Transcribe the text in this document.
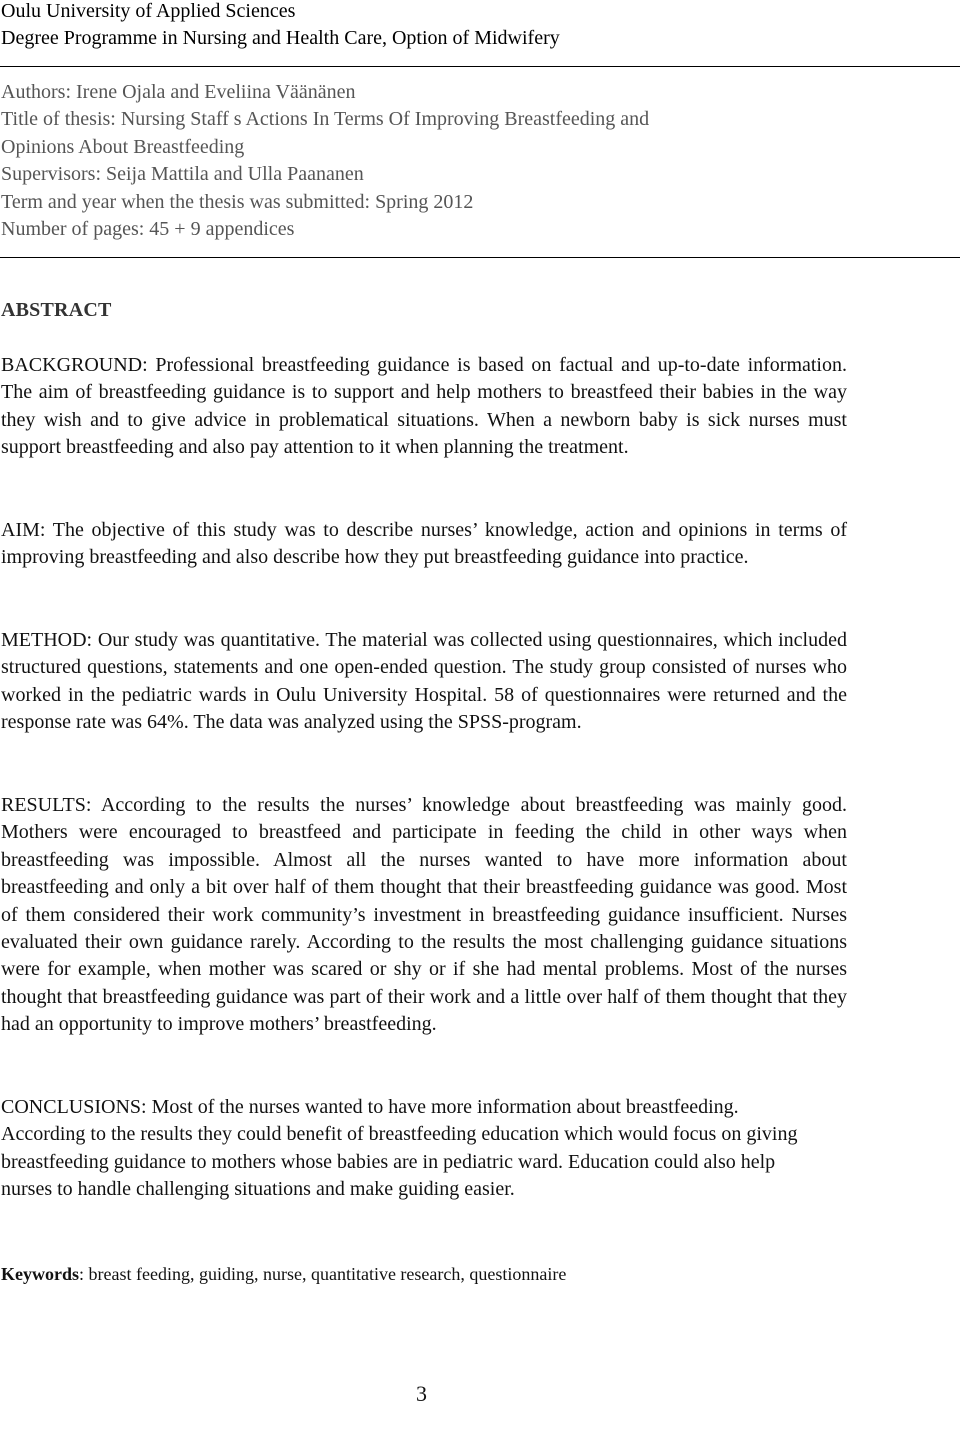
Oulu University of Applied Sciences
Degree Programme in Nursing and Health Care, Option of Midwifery
Authors: Irene Ojala and Eveliina Väänänen
Title of thesis: Nursing Staff s Actions In Terms Of Improving Breastfeeding and
Opinions About Breastfeeding
Supervisors: Seija Mattila and Ulla Paananen
Term and year when the thesis was submitted: Spring 2012
Number of pages: 45 + 9 appendices
ABSTRACT
BACKGROUND: Professional breastfeeding guidance is based on factual and up-to-date information. The aim of breastfeeding guidance is to support and help mothers to breastfeed their babies in the way they wish and to give advice in problematical situations. When a newborn baby is sick nurses must support breastfeeding and also pay attention to it when planning the treatment.
AIM: The objective of this study was to describe nurses’ knowledge, action and opinions in terms of improving breastfeeding and also describe how they put breastfeeding guidance into practice.
METHOD: Our study was quantitative. The material was collected using questionnaires, which included structured questions, statements and one open-ended question. The study group consisted of nurses who worked in the pediatric wards in Oulu University Hospital. 58 of questionnaires were returned and the response rate was 64%. The data was analyzed using the SPSS-program.
RESULTS: According to the results the nurses’ knowledge about breastfeeding was mainly good. Mothers were encouraged to breastfeed and participate in feeding the child in other ways when breastfeeding was impossible. Almost all the nurses wanted to have more information about breastfeeding and only a bit over half of them thought that their breastfeeding guidance was good. Most of them considered their work community’s investment in breastfeeding guidance insufficient. Nurses evaluated their own guidance rarely. According to the results the most challenging guidance situations were for example, when mother was scared or shy or if she had mental problems. Most of the nurses thought that breastfeeding guidance was part of their work and a little over half of them thought that they had an opportunity to improve mothers’ breastfeeding.
CONCLUSIONS: Most of the nurses wanted to have more information about breastfeeding. According to the results they could benefit of breastfeeding education which would focus on giving breastfeeding guidance to mothers whose babies are in pediatric ward. Education could also help nurses to handle challenging situations and make guiding easier.
Keywords: breast feeding, guiding, nurse, quantitative research, questionnaire
3
